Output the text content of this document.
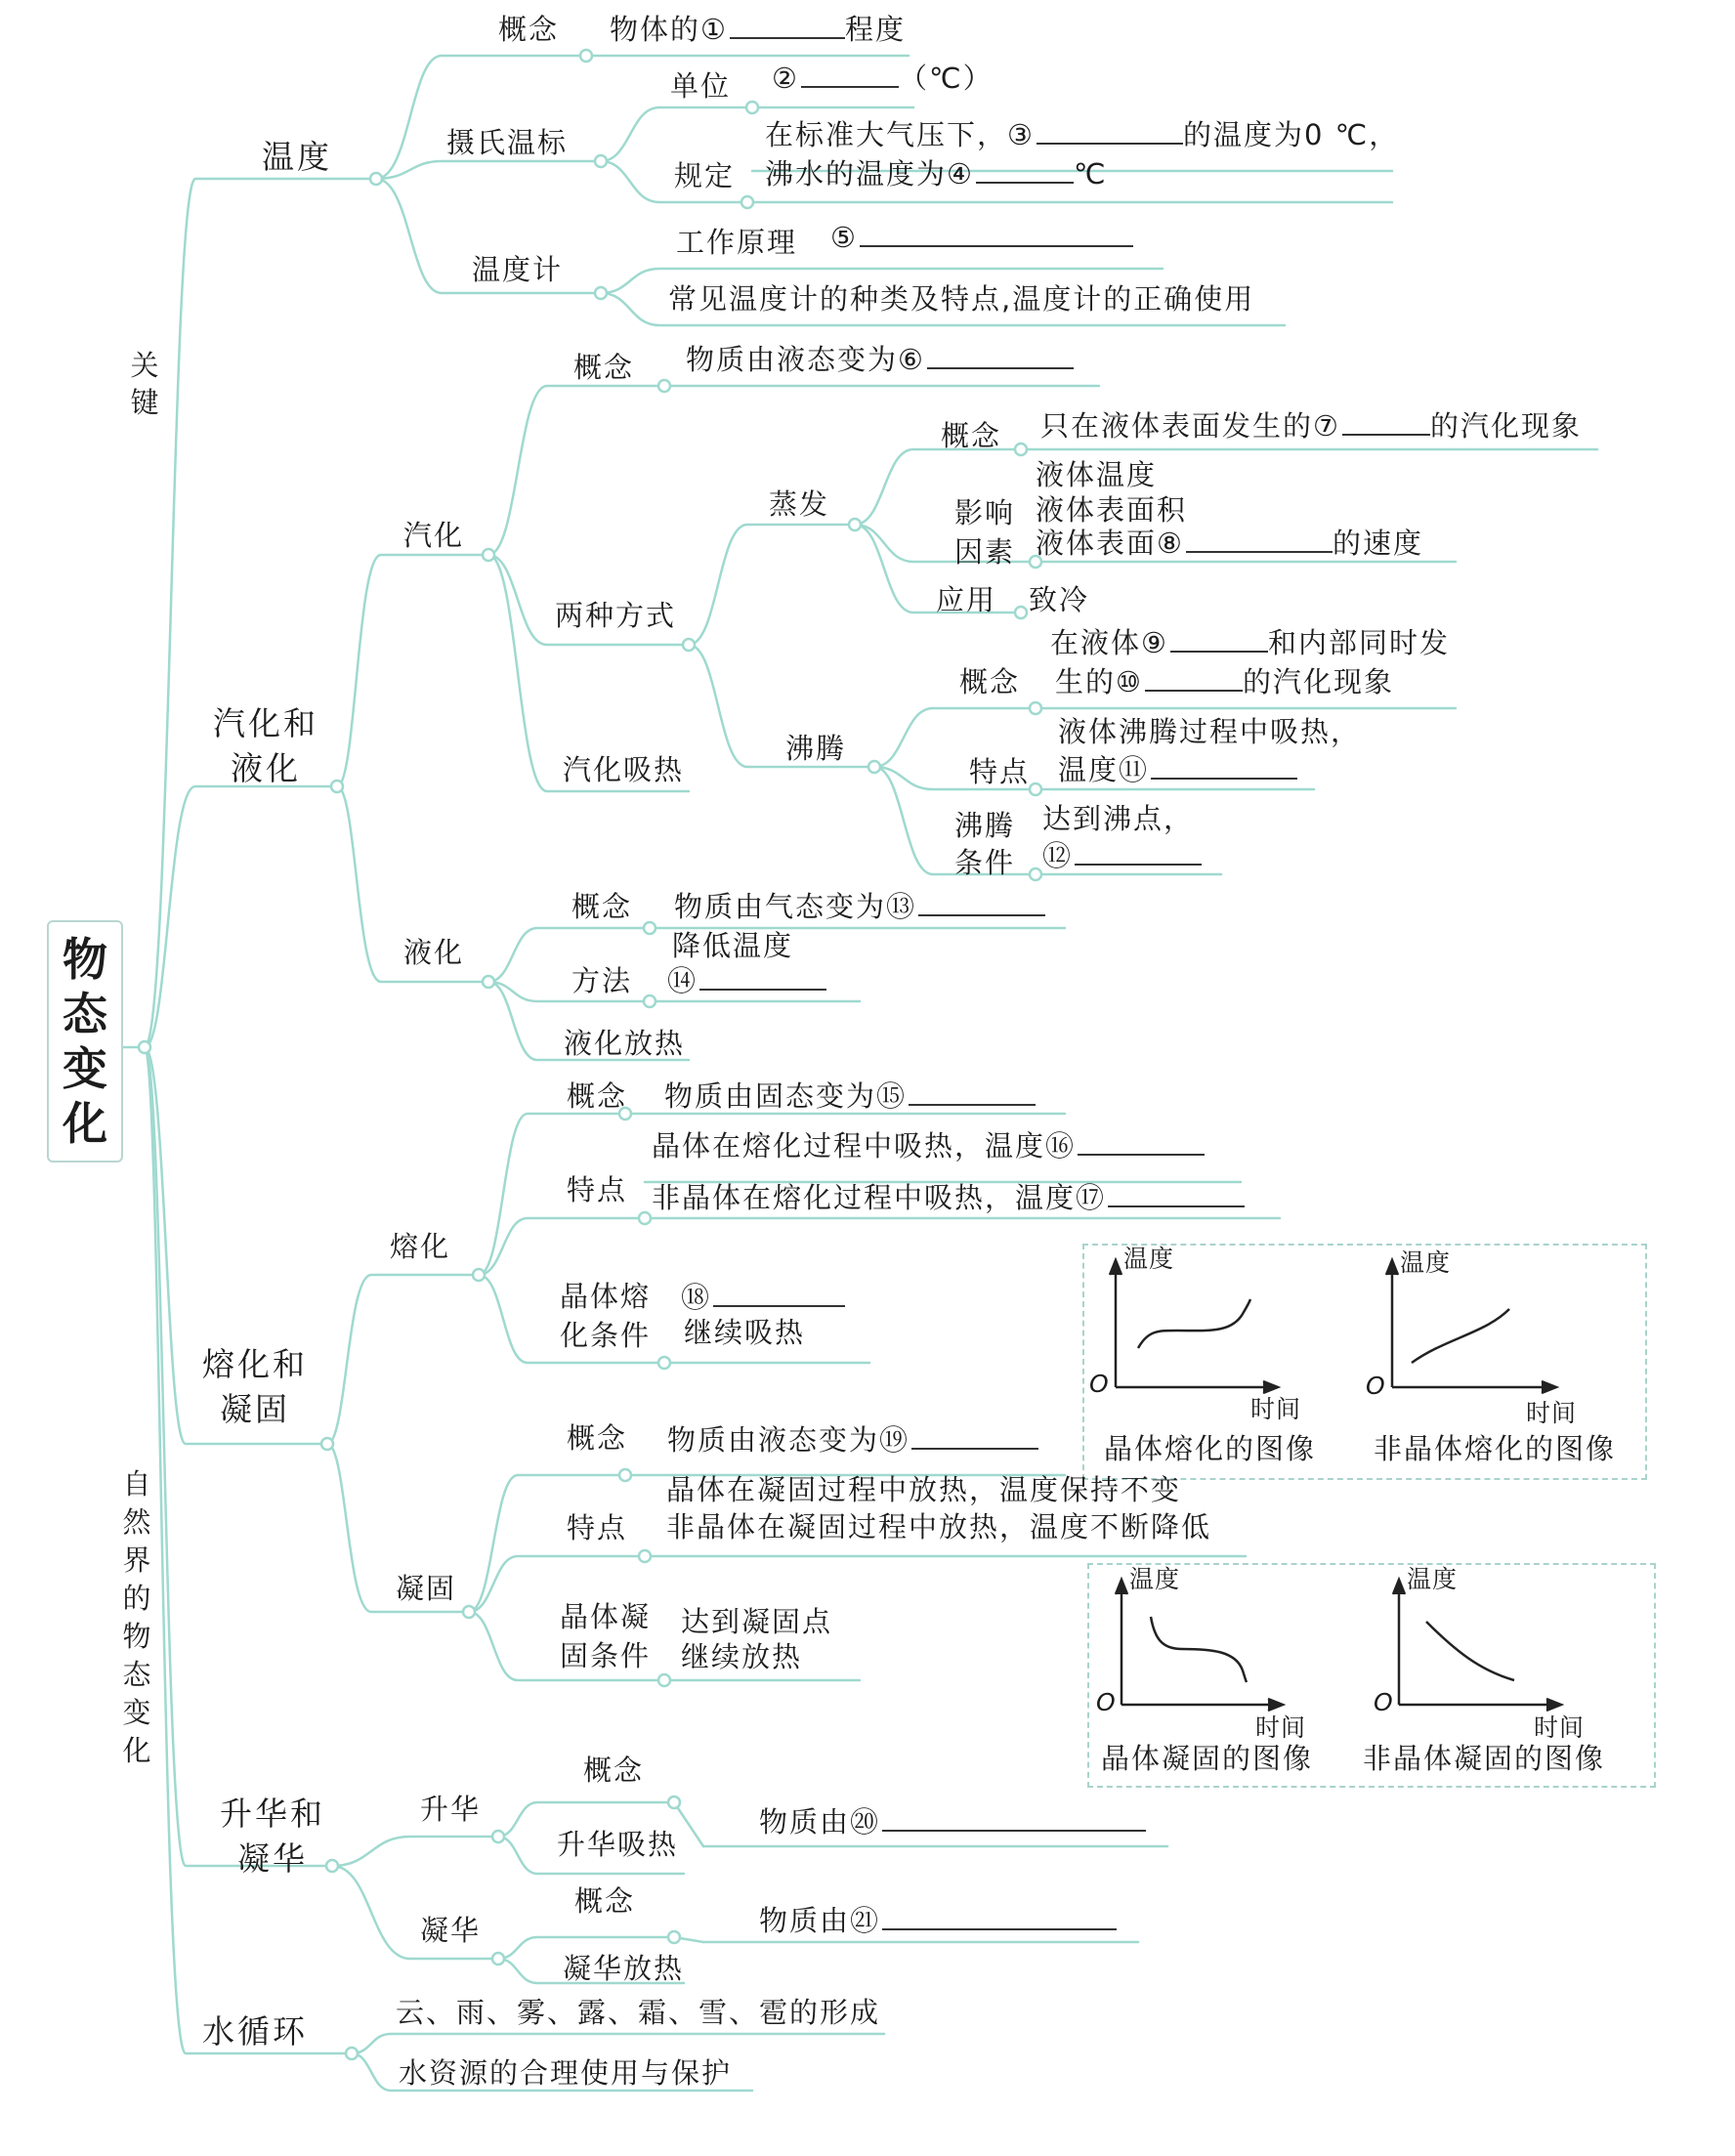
物
态
变
化
关键
自然界的物态变化
温度
概念 物体的①	程度
摄氏温标
单位 ②	（℃）
规定
在标准大气压下，③	的温度为0 ℃，
沸水的温度为④	℃
温度计
工作原理 ⑤
常见温度计的种类及特点,温度计的正确使用
汽化和
液化
汽化
概念 物质由液态变为⑥
两种方式
蒸发
概念 只在液体表面发生的⑦	的汽化现象
影响
因素
液体温度
液体表面积
液体表面⑧	的速度
应用 致冷
沸腾
概念
在液体⑨	和内部同时发
生的⑩	的汽化现象
特点
液体沸腾过程中吸热，
温度⑪
沸腾
条件
达到沸点，
⑫
汽化吸热
液化
概念 物质由气态变为⑬
方法
降低温度
⑭
液化放热
熔化和
凝固
熔化
概念 物质由固态变为⑮
特点
晶体在熔化过程中吸热，温度⑯
非晶体在熔化过程中吸热，温度⑰
晶体熔
化条件
⑱
继续吸热
凝固
概念 物质由液态变为⑲
特点
晶体在凝固过程中放热，温度保持不变
非晶体在凝固过程中放热，温度不断降低
晶体凝
固条件
达到凝固点
继续放热
温度
时间
O
晶体熔化的图像
温度
时间
O
非晶体熔化的图像
温度
时间
O
晶体凝固的图像
温度
时间
O
非晶体凝固的图像
升华和
凝华
升华
概念
升华吸热
物质由⑳
凝华
概念
凝华放热
物质由㉑
水循环	云、雨、雾、露、霜、雪、雹的形成
水资源的合理使用与保护
